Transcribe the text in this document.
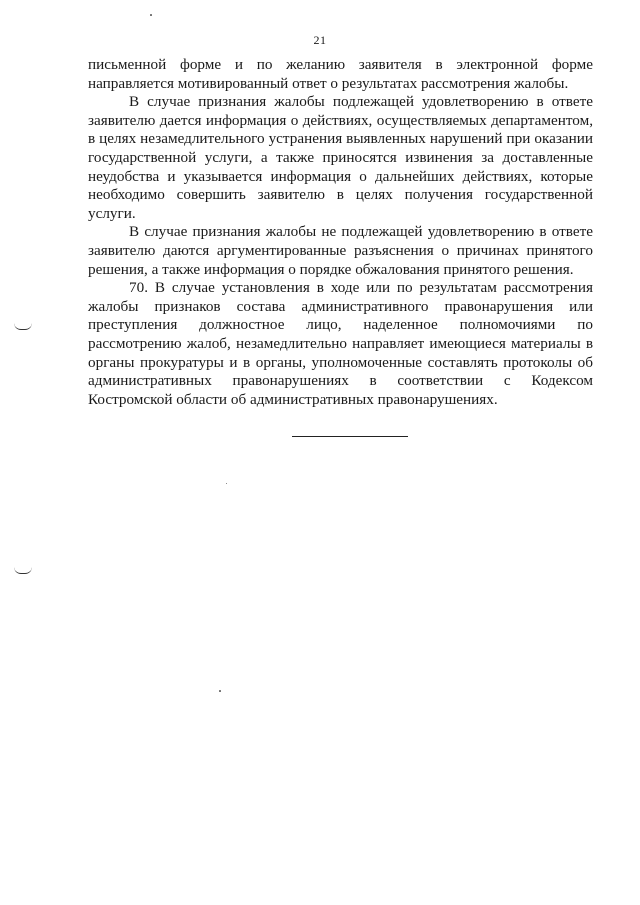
21

письменной форме и по желанию заявителя в электронной форме направляется мотивированный ответ о результатах рассмотрения жалобы.

В случае признания жалобы подлежащей удовлетворению в ответе заявителю дается информация о действиях, осуществляемых департаментом, в целях незамедлительного устранения выявленных нарушений при оказании государственной услуги, а также приносятся извинения за доставленные неудобства и указывается информация о дальнейших действиях, которые необходимо совершить заявителю в целях получения государственной услуги.

В случае признания жалобы не подлежащей удовлетворению в ответе заявителю даются аргументированные разъяснения о причинах принятого решения, а также информация о порядке обжалования принятого решения.

70. В случае установления в ходе или по результатам рассмотрения жалобы признаков состава административного правонарушения или преступления должностное лицо, наделенное полномочиями по рассмотрению жалоб, незамедлительно направляет имеющиеся материалы в органы прокуратуры и в органы, уполномоченные составлять протоколы об административных правонарушениях в соответствии с Кодексом Костромской области об административных правонарушениях.
